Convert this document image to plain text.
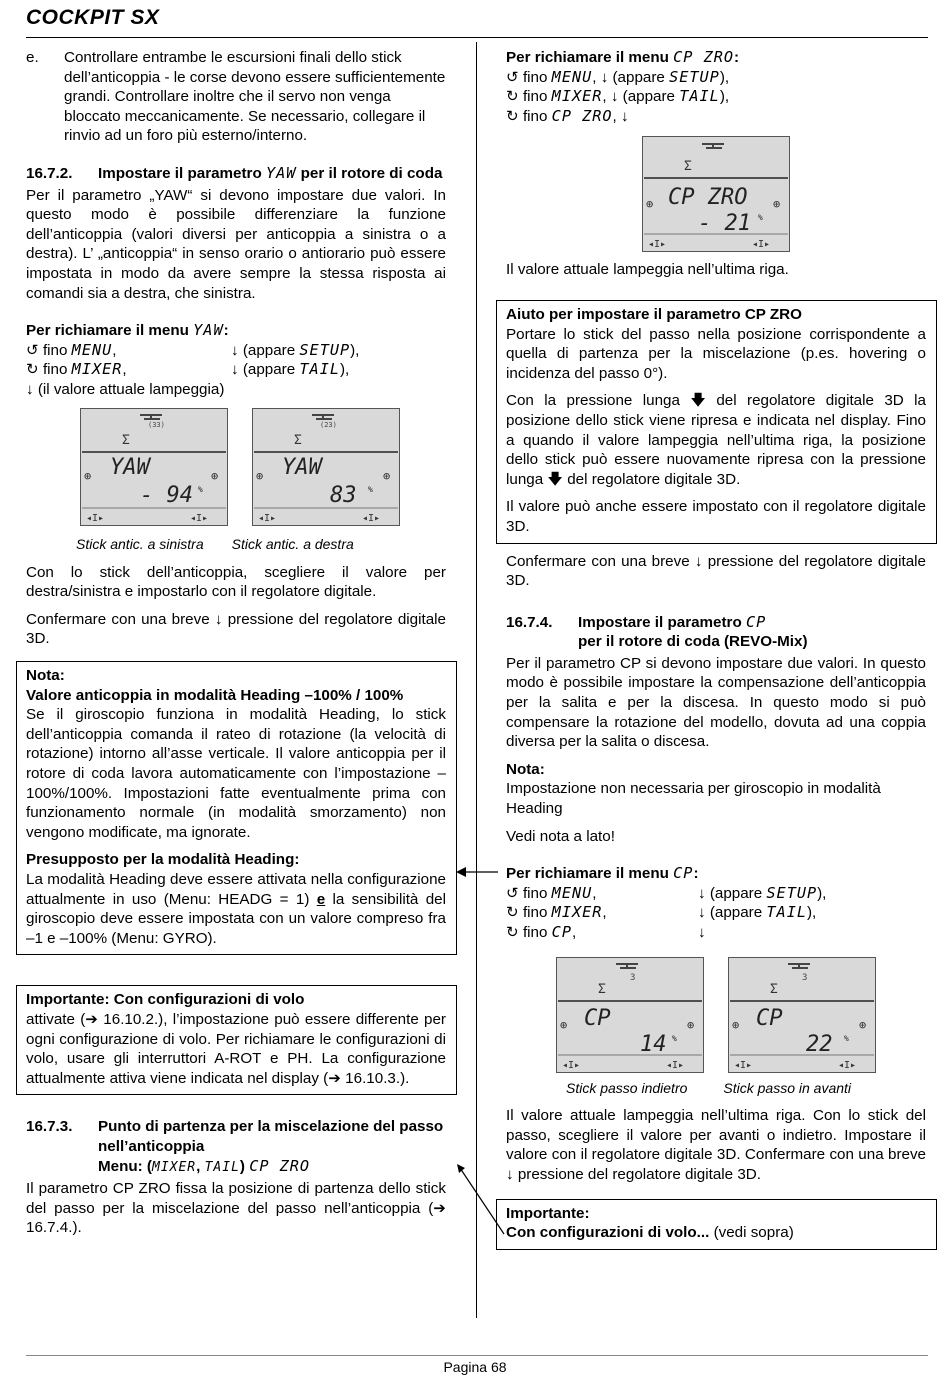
COCKPIT SX
e.	Controllare entrambe le escursioni finali dello stick dell’anticoppia - le corse devono essere sufficientemente grandi. Controllare inoltre che il servo non venga bloccato meccanicamente. Se necessario, collegare il rinvio ad un foro più esterno/interno.
16.7.2.	Impostare il parametro YAW per il rotore di coda

Per il parametro „YAW“ si devono impostare due valori. In questo modo è possibile differenziare la funzione dell’anticoppia (valori diversi per anticoppia a sinistra o a destra). L’ „anticoppia“ in senso orario o antiorario può essere impostata in modo da avere sempre la stessa risposta ai comandi sia a destra, che sinistra.

Per richiamare il menu YAW:

↺ fino MENU,	↓ (appare SETUP),
↻ fino MIXER,	↓ (appare TAIL),

↓ (il valore attuale lampeggia)

(33)
Σ
⊕	⊕
YAW
- 94 %
◂I▸	◂I▸
(23)
Σ
⊕	⊕
YAW
83 %
◂I▸	◂I▸
Stick antic. a sinistra Stick antic. a destra

Con lo stick dell’anticoppia, scegliere il valore per destra/sinistra e impostarlo con il regolatore digitale.

Confermare con una breve ↓ pressione del regolatore digitale 3D.

Nota:

Valore anticoppia in modalità Heading –100% / 100%

Se il giroscopio funziona in modalità Heading, lo stick dell’anticoppia comanda il rateo di rotazione (la velocità di rotazione) intorno all’asse verticale. Il valore anticoppia per il rotore di coda lavora automaticamente con l’impostazione –100%/100%. Impostazioni fatte eventualmente prima con funzionamento normale (in modalità smorzamento) non vengono modificate, ma ignorate.

Presupposto per la modalità Heading:

La modalità Heading deve essere attivata nella configurazione attualmente in uso (Menu: HEADG = 1) e la sensibilità del giroscopio deve essere impostata con un valore compreso fra –1 e –100% (Menu: GYRO).

Importante: Con configurazioni di volo

attivate (➔ 16.10.2.), l’impostazione può essere differente per ogni configurazione di volo. Per richiamare le configurazioni di volo, usare gli interruttori A-ROT e PH. La configurazione attualmente attiva viene indicata nel display (➔ 16.10.3.).

16.7.3.	Punto di partenza per la miscelazione del passo nell’anticoppia
Menu: (MIXER, TAIL) CP ZRO

Il parametro CP ZRO fissa la posizione di partenza dello stick del passo per la miscelazione del passo nell’anticoppia (➔ 16.7.4.).

Per richiamare il menu CP ZRO:

↺ fino MENU, ↓ (appare SETUP),

↻ fino MIXER, ↓ (appare TAIL),

↻ fino CP ZRO, ↓

Σ
⊕	⊕
CP ZRO
- 21 %
◂I▸	◂I▸

Il valore attuale lampeggia nell’ultima riga.

Aiuto per impostare il parametro CP ZRO

Portare lo stick del passo nella posizione corrispondente a quella di partenza per la miscelazione (p.es. hovering o incidenza del passo 0°).

Con la pressione lunga 🡇 del regolatore digitale 3D la posizione dello stick viene ripresa e indicata nel display. Fino a quando il valore lampeggia nell’ultima riga, la posizione dello stick può essere nuovamente ripresa con la pressione lunga 🡇 del regolatore digitale 3D.

Il valore può anche essere impostato con il regolatore digitale 3D.

Confermare con una breve ↓ pressione del regolatore digitale 3D.

16.7.4.	Impostare il parametro CP
per il rotore di coda (REVO-Mix)

Per il parametro CP si devono impostare due valori. In questo modo è possibile impostare la compensazione dell’anticoppia per la salita e per la discesa. In questo modo si può compensare la rotazione del modello, dovuta ad una coppia diversa per la salita o discesa.

Nota:

Impostazione non necessaria per giroscopio in modalità Heading

Vedi nota a lato!

Per richiamare il menu CP:

↺ fino MENU,	↓ (appare SETUP),
↻ fino MIXER,	↓ (appare TAIL),
↻ fino CP,	↓
3
Σ
⊕	⊕
CP
14 %
◂I▸	◂I▸
3
Σ
⊕	⊕
CP
22 %
◂I▸	◂I▸
Stick passo indietro	Stick passo in avanti

Il valore attuale lampeggia nell’ultima riga. Con lo stick del passo, scegliere il valore per avanti o indietro. Impostare il valore con il regolatore digitale 3D. Confermare con una breve ↓ pressione del regolatore digitale 3D.

Importante:

Con configurazioni di volo... (vedi sopra)

Pagina 68
